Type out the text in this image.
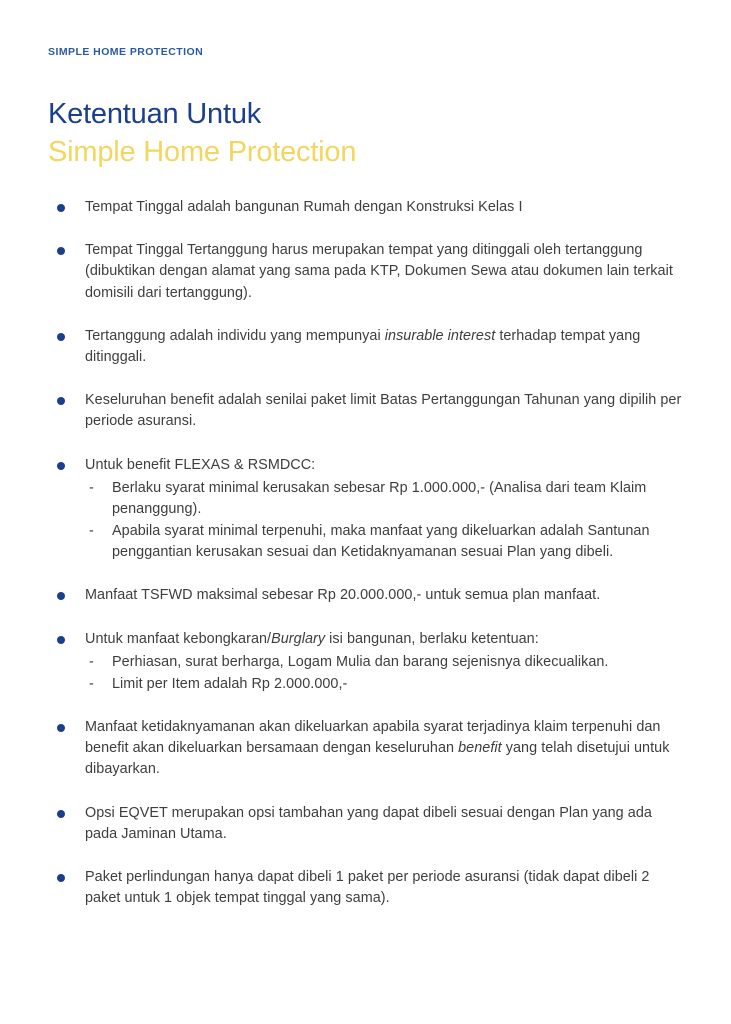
SIMPLE HOME PROTECTION
Ketentuan Untuk
Simple Home Protection

Tempat Tinggal adalah bangunan Rumah dengan Konstruksi Kelas I

Tempat Tinggal Tertanggung harus merupakan tempat yang ditinggali oleh tertanggung (dibuktikan dengan alamat yang sama pada KTP, Dokumen Sewa atau dokumen lain terkait domisili dari tertanggung).

Tertanggung adalah individu yang mempunyai insurable interest terhadap tempat yang ditinggali.

Keseluruhan benefit adalah senilai paket limit Batas Pertanggungan Tahunan yang dipilih per periode asuransi.

Untuk benefit FLEXAS & RSMDCC:

- Berlaku syarat minimal kerusakan sebesar Rp 1.000.000,- (Analisa dari team Klaim penanggung).

- Apabila syarat minimal terpenuhi, maka manfaat yang dikeluarkan adalah Santunan penggantian kerusakan sesuai dan Ketidaknyamanan sesuai Plan yang dibeli.

Manfaat TSFWD maksimal sebesar Rp 20.000.000,- untuk semua plan manfaat.

Untuk manfaat kebongkaran/Burglary isi bangunan, berlaku ketentuan:

- Perhiasan, surat berharga, Logam Mulia dan barang sejenisnya dikecualikan.

- Limit per Item adalah Rp 2.000.000,-

Manfaat ketidaknyamanan akan dikeluarkan apabila syarat terjadinya klaim terpenuhi dan benefit akan dikeluarkan bersamaan dengan keseluruhan benefit yang telah disetujui untuk dibayarkan.

Opsi EQVET merupakan opsi tambahan yang dapat dibeli sesuai dengan Plan yang ada pada Jaminan Utama.

Paket perlindungan hanya dapat dibeli 1 paket per periode asuransi (tidak dapat dibeli 2 paket untuk 1 objek tempat tinggal yang sama).
